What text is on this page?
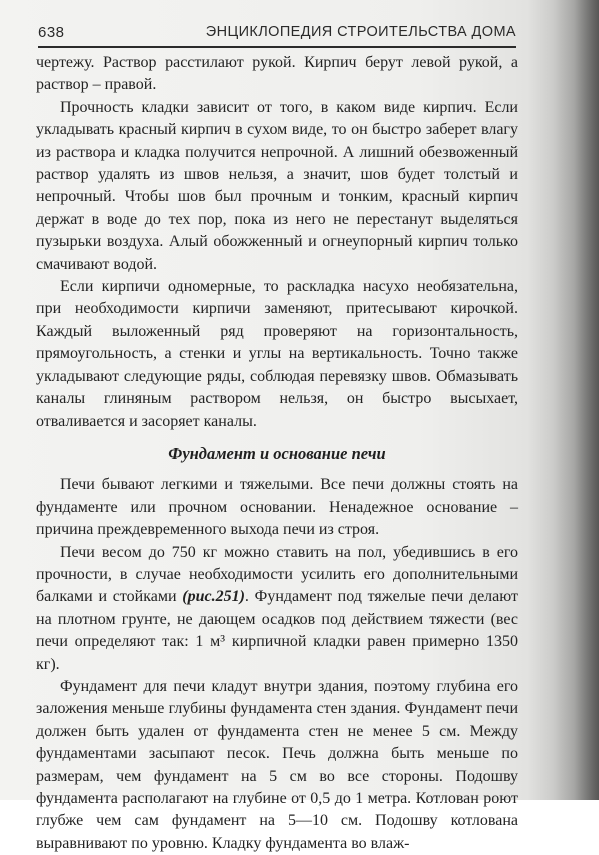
638	ЭНЦИКЛОПЕДИЯ СТРОИТЕЛЬСТВА ДОМА

чертежу. Раствор расстилают рукой. Кирпич берут левой рукой, а раствор – правой.

Прочность кладки зависит от того, в каком виде кирпич. Если укладывать красный кирпич в сухом виде, то он быстро заберет влагу из раствора и кладка получится непрочной. А лишний обезвоженный раствор удалять из швов нельзя, а значит, шов будет толстый и непрочный. Чтобы шов был прочным и тонким, красный кирпич держат в воде до тех пор, пока из него не перестанут выделяться пузырьки воздуха. Алый обожженный и огнеупорный кирпич только смачивают водой.

Если кирпичи одномерные, то раскладка насухо необязательна, при необходимости кирпичи заменяют, притесывают кирочкой. Каждый выложенный ряд проверяют на горизонтальность, прямоугольность, а стенки и углы на вертикальность. Точно также укладывают следующие ряды, соблюдая перевязку швов. Обмазывать каналы глиняным раствором нельзя, он быстро высыхает, отваливается и засоряет каналы.

Фундамент и основание печи

Печи бывают легкими и тяжелыми. Все печи должны стоять на фундаменте или прочном основании. Ненадежное основание – причина преждевременного выхода печи из строя.

Печи весом до 750 кг можно ставить на пол, убедившись в его прочности, в случае необходимости усилить его дополнительными балками и стойками (рис.251). Фундамент под тяжелые печи делают на плотном грунте, не дающем осадков под действием тяжести (вес печи определяют так: 1 м³ кирпичной кладки равен примерно 1350 кг).

Фундамент для печи кладут внутри здания, поэтому глубина его заложения меньше глубины фундамента стен здания. Фундамент печи должен быть удален от фундамента стен не менее 5 см. Между фундаментами засыпают песок. Печь должна быть меньше по размерам, чем фундамент на 5 см во все стороны. Подошву фундамента располагают на глубине от 0,5 до 1 метра. Котлован роют глубже чем сам фундамент на 5—10 см. Подошву котлована выравнивают по уровню. Кладку фундамента во влаж-
